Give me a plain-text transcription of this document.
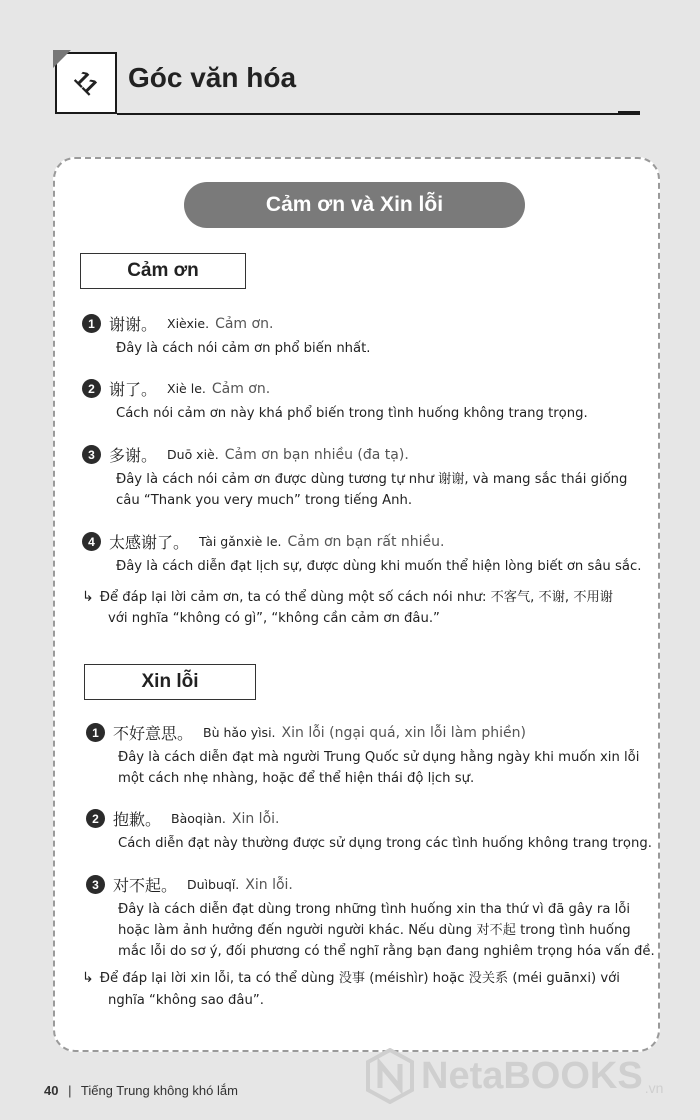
11 Góc văn hóa
Cảm ơn và Xin lỗi
Cảm ơn
1 谢谢。 Xièxie. Cảm ơn.
Đây là cách nói cảm ơn phổ biến nhất.
2 谢了。 Xiè le. Cảm ơn.
Cách nói cảm ơn này khá phổ biến trong tình huống không trang trọng.
3 多谢。 Duō xiè. Cảm ơn bạn nhiều (đa tạ).
Đây là cách nói cảm ơn được dùng tương tự như 谢谢, và mang sắc thái giống
câu “Thank you very much” trong tiếng Anh.
4 太感谢了。 Tài gǎnxiè le. Cảm ơn bạn rất nhiều.
Đây là cách diễn đạt lịch sự, được dùng khi muốn thể hiện lòng biết ơn sâu sắc.
↳ Để đáp lại lời cảm ơn, ta có thể dùng một số cách nói như: 不客气, 不谢, 不用谢
với nghĩa “không có gì”, “không cần cảm ơn đâu.”
Xin lỗi
1 不好意思。 Bù hǎo yìsi. Xin lỗi (ngại quá, xin lỗi làm phiền)
Đây là cách diễn đạt mà người Trung Quốc sử dụng hằng ngày khi muốn xin lỗi
một cách nhẹ nhàng, hoặc để thể hiện thái độ lịch sự.
2 抱歉。 Bàoqiàn. Xin lỗi.
Cách diễn đạt này thường được sử dụng trong các tình huống không trang trọng.
3 对不起。 Duìbuqǐ. Xin lỗi.
Đây là cách diễn đạt dùng trong những tình huống xin tha thứ vì đã gây ra lỗi
hoặc làm ảnh hưởng đến người người khác. Nếu dùng 对不起 trong tình huống
mắc lỗi do sơ ý, đối phương có thể nghĩ rằng bạn đang nghiêm trọng hóa vấn đề.
↳ Để đáp lại lời xin lỗi, ta có thể dùng 没事 (méishìr) hoặc 没关系 (méi guānxi) với
nghĩa “không sao đâu”.
40 | Tiếng Trung không khó lắm	NetaBOOKS .vn
